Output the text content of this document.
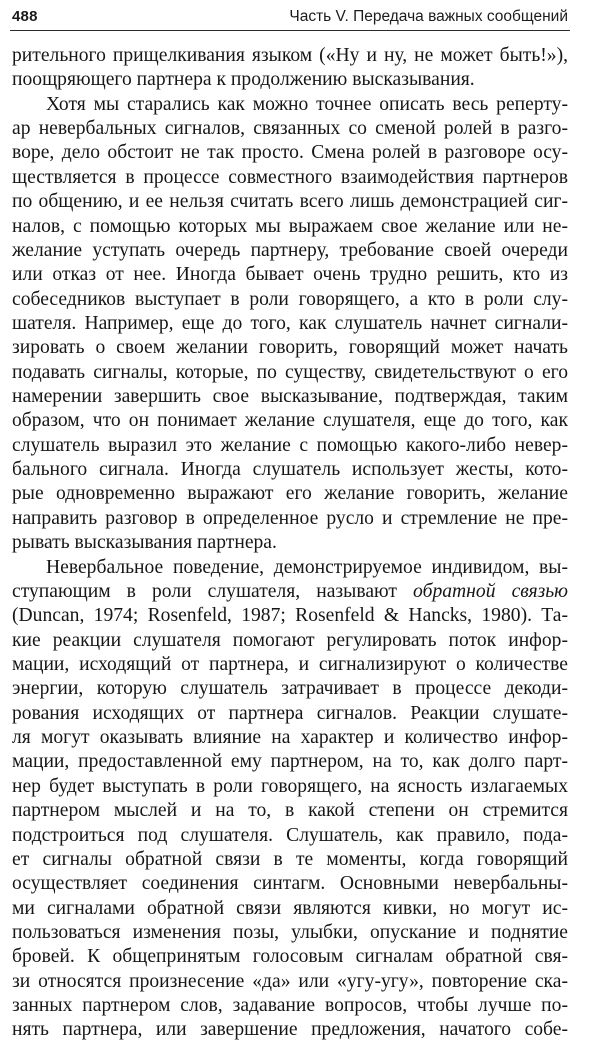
488	Часть V. Передача важных сообщений
рительного прищелкивания языком («Ну и ну, не может быть!»),
поощряющего партнера к продолжению высказывания.
Хотя мы старались как можно точнее описать весь реперту-
ар невербальных сигналов, связанных со сменой ролей в разго-
воре, дело обстоит не так просто. Смена ролей в разговоре осу-
ществляется в процессе совместного взаимодействия партнеров
по общению, и ее нельзя считать всего лишь демонстрацией сиг-
налов, с помощью которых мы выражаем свое желание или не-
желание уступать очередь партнеру, требование своей очереди
или отказ от нее. Иногда бывает очень трудно решить, кто из
собеседников выступает в роли говорящего, а кто в роли слу-
шателя. Например, еще до того, как слушатель начнет сигнали-
зировать о своем желании говорить, говорящий может начать
подавать сигналы, которые, по существу, свидетельствуют о его
намерении завершить свое высказывание, подтверждая, таким
образом, что он понимает желание слушателя, еще до того, как
слушатель выразил это желание с помощью какого-либо невер-
бального сигнала. Иногда слушатель использует жесты, кото-
рые одновременно выражают его желание говорить, желание
направить разговор в определенное русло и стремление не пре-
рывать высказывания партнера.
Невербальное поведение, демонстрируемое индивидом, вы-
ступающим в роли слушателя, называют обратной связью
(Duncan, 1974; Rosenfeld, 1987; Rosenfeld & Hancks, 1980). Та-
кие реакции слушателя помогают регулировать поток инфор-
мации, исходящий от партнера, и сигнализируют о количестве
энергии, которую слушатель затрачивает в процессе декоди-
рования исходящих от партнера сигналов. Реакции слушате-
ля могут оказывать влияние на характер и количество инфор-
мации, предоставленной ему партнером, на то, как долго парт-
нер будет выступать в роли говорящего, на ясность излагаемых
партнером мыслей и на то, в какой степени он стремится
подстроиться под слушателя. Слушатель, как правило, пода-
ет сигналы обратной связи в те моменты, когда говорящий
осуществляет соединения синтагм. Основными невербальны-
ми сигналами обратной связи являются кивки, но могут ис-
пользоваться изменения позы, улыбки, опускание и поднятие
бровей. К общепринятым голосовым сигналам обратной свя-
зи относятся произнесение «да» или «угу-угу», повторение ска-
занных партнером слов, задавание вопросов, чтобы лучше по-
нять партнера, или завершение предложения, начатого собе-
